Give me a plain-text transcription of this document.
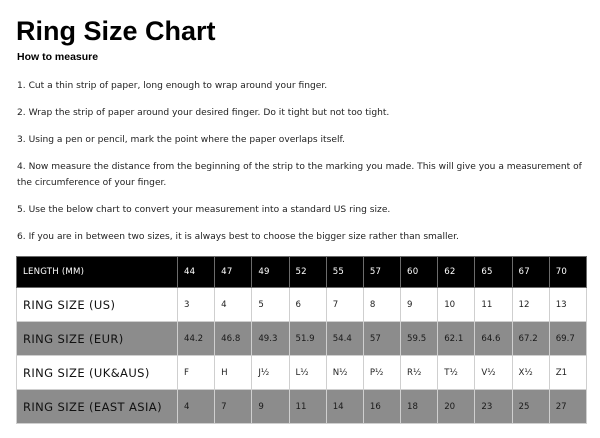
Ring Size Chart
How to measure

1. Cut a thin strip of paper, long enough to wrap around your finger.

2. Wrap the strip of paper around your desired finger. Do it tight but not too tight.

3. Using a pen or pencil, mark the point where the paper overlaps itself.

4. Now measure the distance from the beginning of the strip to the marking you made. This will give you a measurement of the circumference of your finger.

5. Use the below chart to convert your measurement into a standard US ring size.

6. If you are in between two sizes, it is always best to choose the bigger size rather than smaller.

LENGTH (MM)	44	47	49	52	55	57	60	62	65	67	70
RING SIZE (US)	3	4	5	6	7	8	9	10	11	12	13
RING SIZE (EUR)	44.2	46.8	49.3	51.9	54.4	57	59.5	62.1	64.6	67.2	69.7
RING SIZE (UK&AUS)	F	H	J½	L½	N½	P½	R½	T½	V½	X½	Z1
RING SIZE (EAST ASIA)	4	7	9	11	14	16	18	20	23	25	27
